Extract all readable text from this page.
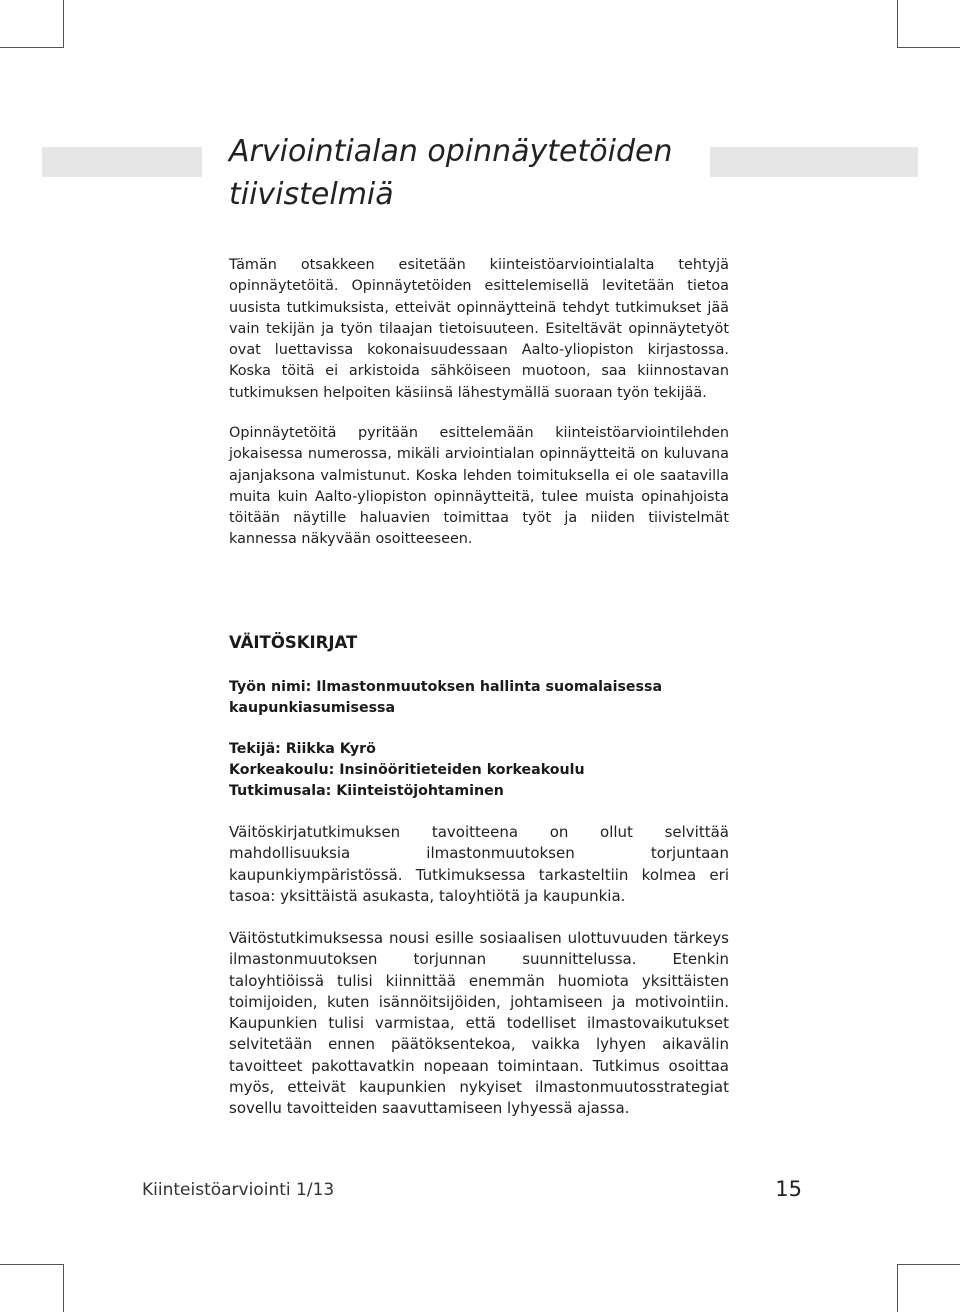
Arviointialan opinnäytetöiden tiivistelmiä

Tämän otsakkeen esitetään kiinteistöarviointialalta tehtyjä opinnäytetöitä. Opinnäytetöiden esittelemisellä levitetään tietoa uusista tutkimuksista, etteivät opinnäytteinä tehdyt tutkimukset jää vain tekijän ja työn tilaajan tietoisuuteen. Esiteltävät opinnäytetyöt ovat luettavissa kokonaisuudessaan Aalto-yliopiston kirjastossa. Koska töitä ei arkistoida sähköiseen muotoon, saa kiinnostavan tutkimuksen helpoiten käsiinsä lähestymällä suoraan työn tekijää.

Opinnäytetöitä pyritään esittelemään kiinteistöarviointilehden jokaisessa numerossa, mikäli arviointialan opinnäytteitä on kuluvana ajanjaksona valmistunut. Koska lehden toimituksella ei ole saatavilla muita kuin Aalto-yliopiston opinnäytteitä, tulee muista opinahjoista töitään näytille haluavien toimittaa työt ja niiden tiivistelmät kannessa näkyvään osoitteeseen.

VÄITÖSKIRJAT

Työn nimi: Ilmastonmuutoksen hallinta suomalaisessa kaupunkiasumisessa

Tekijä: Riikka Kyrö

Korkeakoulu: Insinööritieteiden korkeakoulu

Tutkimusala: Kiinteistöjohtaminen

Väitöskirjatutkimuksen tavoitteena on ollut selvittää mahdollisuuksia ilmastonmuutoksen torjuntaan kaupunkiympäristössä. Tutkimuksessa tarkasteltiin kolmea eri tasoa: yksittäistä asukasta, taloyhtiötä ja kaupunkia.

Väitöstutkimuksessa nousi esille sosiaalisen ulottuvuuden tärkeys ilmastonmuutoksen torjunnan suunnittelussa. Etenkin taloyhtiöissä tulisi kiinnittää enemmän huomiota yksittäisten toimijoiden, kuten isännöitsijöiden, johtamiseen ja motivointiin. Kaupunkien tulisi varmistaa, että todelliset ilmastovaikutukset selvitetään ennen päätöksentekoa, vaikka lyhyen aikavälin tavoitteet pakottavatkin nopeaan toimintaan. Tutkimus osoittaa myös, etteivät kaupunkien nykyiset ilmastonmuutosstrategiat sovellu tavoitteiden saavuttamiseen lyhyessä ajassa.

Kiinteistöarviointi 1/13	15
